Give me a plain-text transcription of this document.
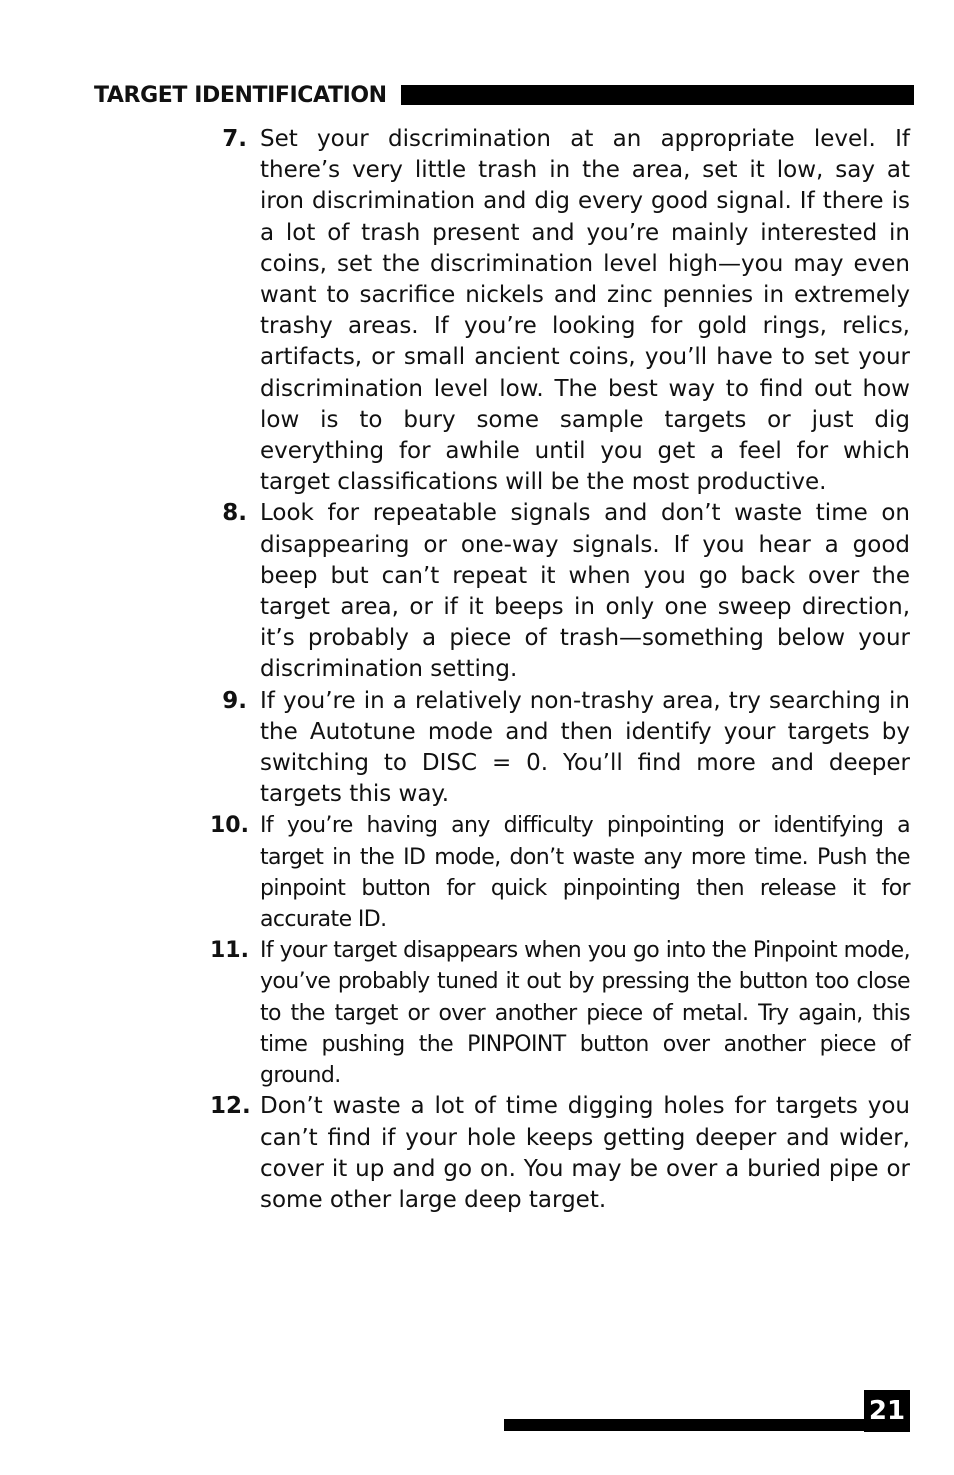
TARGET IDENTIFICATION
7. Set your discrimination at an appropriate level. If there’s very little trash in the area, set it low, say at iron discrimination and dig every good signal. If there is a lot of trash present and you’re mainly interested in coins, set the discrimination level high—you may even want to sacrifice nickels and zinc pennies in extremely trashy areas. If you’re looking for gold rings, relics, artifacts, or small ancient coins, you’ll have to set your discrimination level low. The best way to find out how low is to bury some sample targets or just dig everything for awhile until you get a feel for which target classifications will be the most productive.
8. Look for repeatable signals and don’t waste time on disappearing or one-way signals. If you hear a good beep but can’t repeat it when you go back over the target area, or if it beeps in only one sweep direction, it’s probably a piece of trash—something below your discrimination setting.
9. If you’re in a relatively non-trashy area, try searching in the Autotune mode and then identify your targets by switching to DISC = 0. You’ll find more and deeper targets this way.
10. If you’re having any difficulty pinpointing or identifying a target in the ID mode, don’t waste any more time. Push the pinpoint button for quick pinpointing then release it for accurate ID.
11. If your target disappears when you go into the Pinpoint mode, you’ve probably tuned it out by pressing the button too close to the target or over another piece of metal. Try again, this time pushing the PINPOINT button over another piece of ground.
12. Don’t waste a lot of time digging holes for targets you can’t find if your hole keeps getting deeper and wider, cover it up and go on. You may be over a buried pipe or some other large deep target.
21
